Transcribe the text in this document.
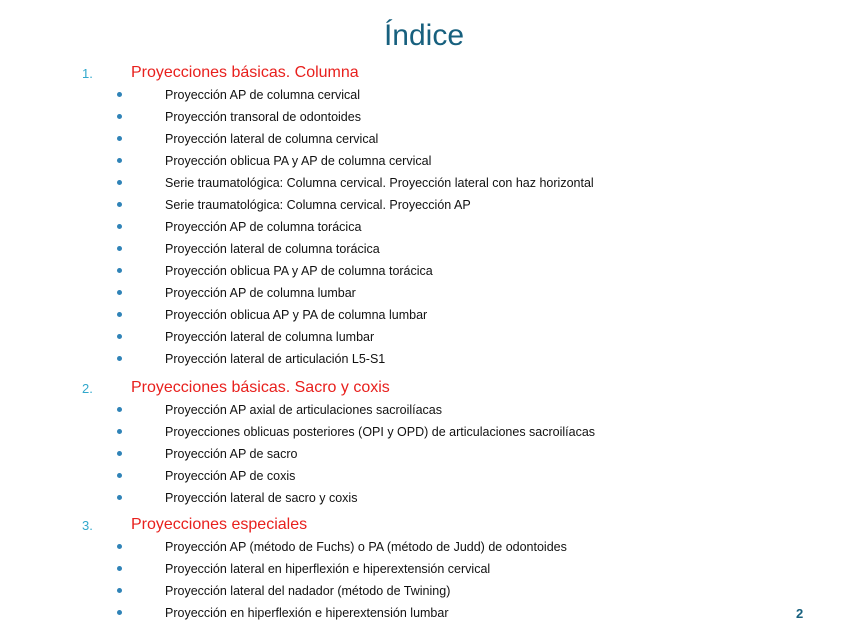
Índice
1. Proyecciones básicas. Columna
Proyección AP de columna cervical
Proyección transoral de odontoides
Proyección lateral de columna cervical
Proyección oblicua PA y AP de columna cervical
Serie traumatológica: Columna cervical. Proyección lateral con haz horizontal
Serie traumatológica: Columna cervical. Proyección AP
Proyección AP de columna torácica
Proyección lateral de columna torácica
Proyección oblicua PA y AP de columna torácica
Proyección AP de columna lumbar
Proyección oblicua AP y PA de columna lumbar
Proyección lateral de columna lumbar
Proyección lateral de articulación L5-S1
2. Proyecciones básicas. Sacro y coxis
Proyección AP axial de articulaciones sacroilíacas
Proyecciones oblicuas posteriores (OPI y OPD) de articulaciones sacroilíacas
Proyección AP de sacro
Proyección AP de coxis
Proyección lateral de sacro y coxis
3. Proyecciones especiales
Proyección AP (método de Fuchs) o PA (método de Judd) de odontoides
Proyección lateral en hiperflexión e hiperextensión cervical
Proyección lateral del nadador (método de Twining)
Proyección en hiperflexión e hiperextensión lumbar	2
